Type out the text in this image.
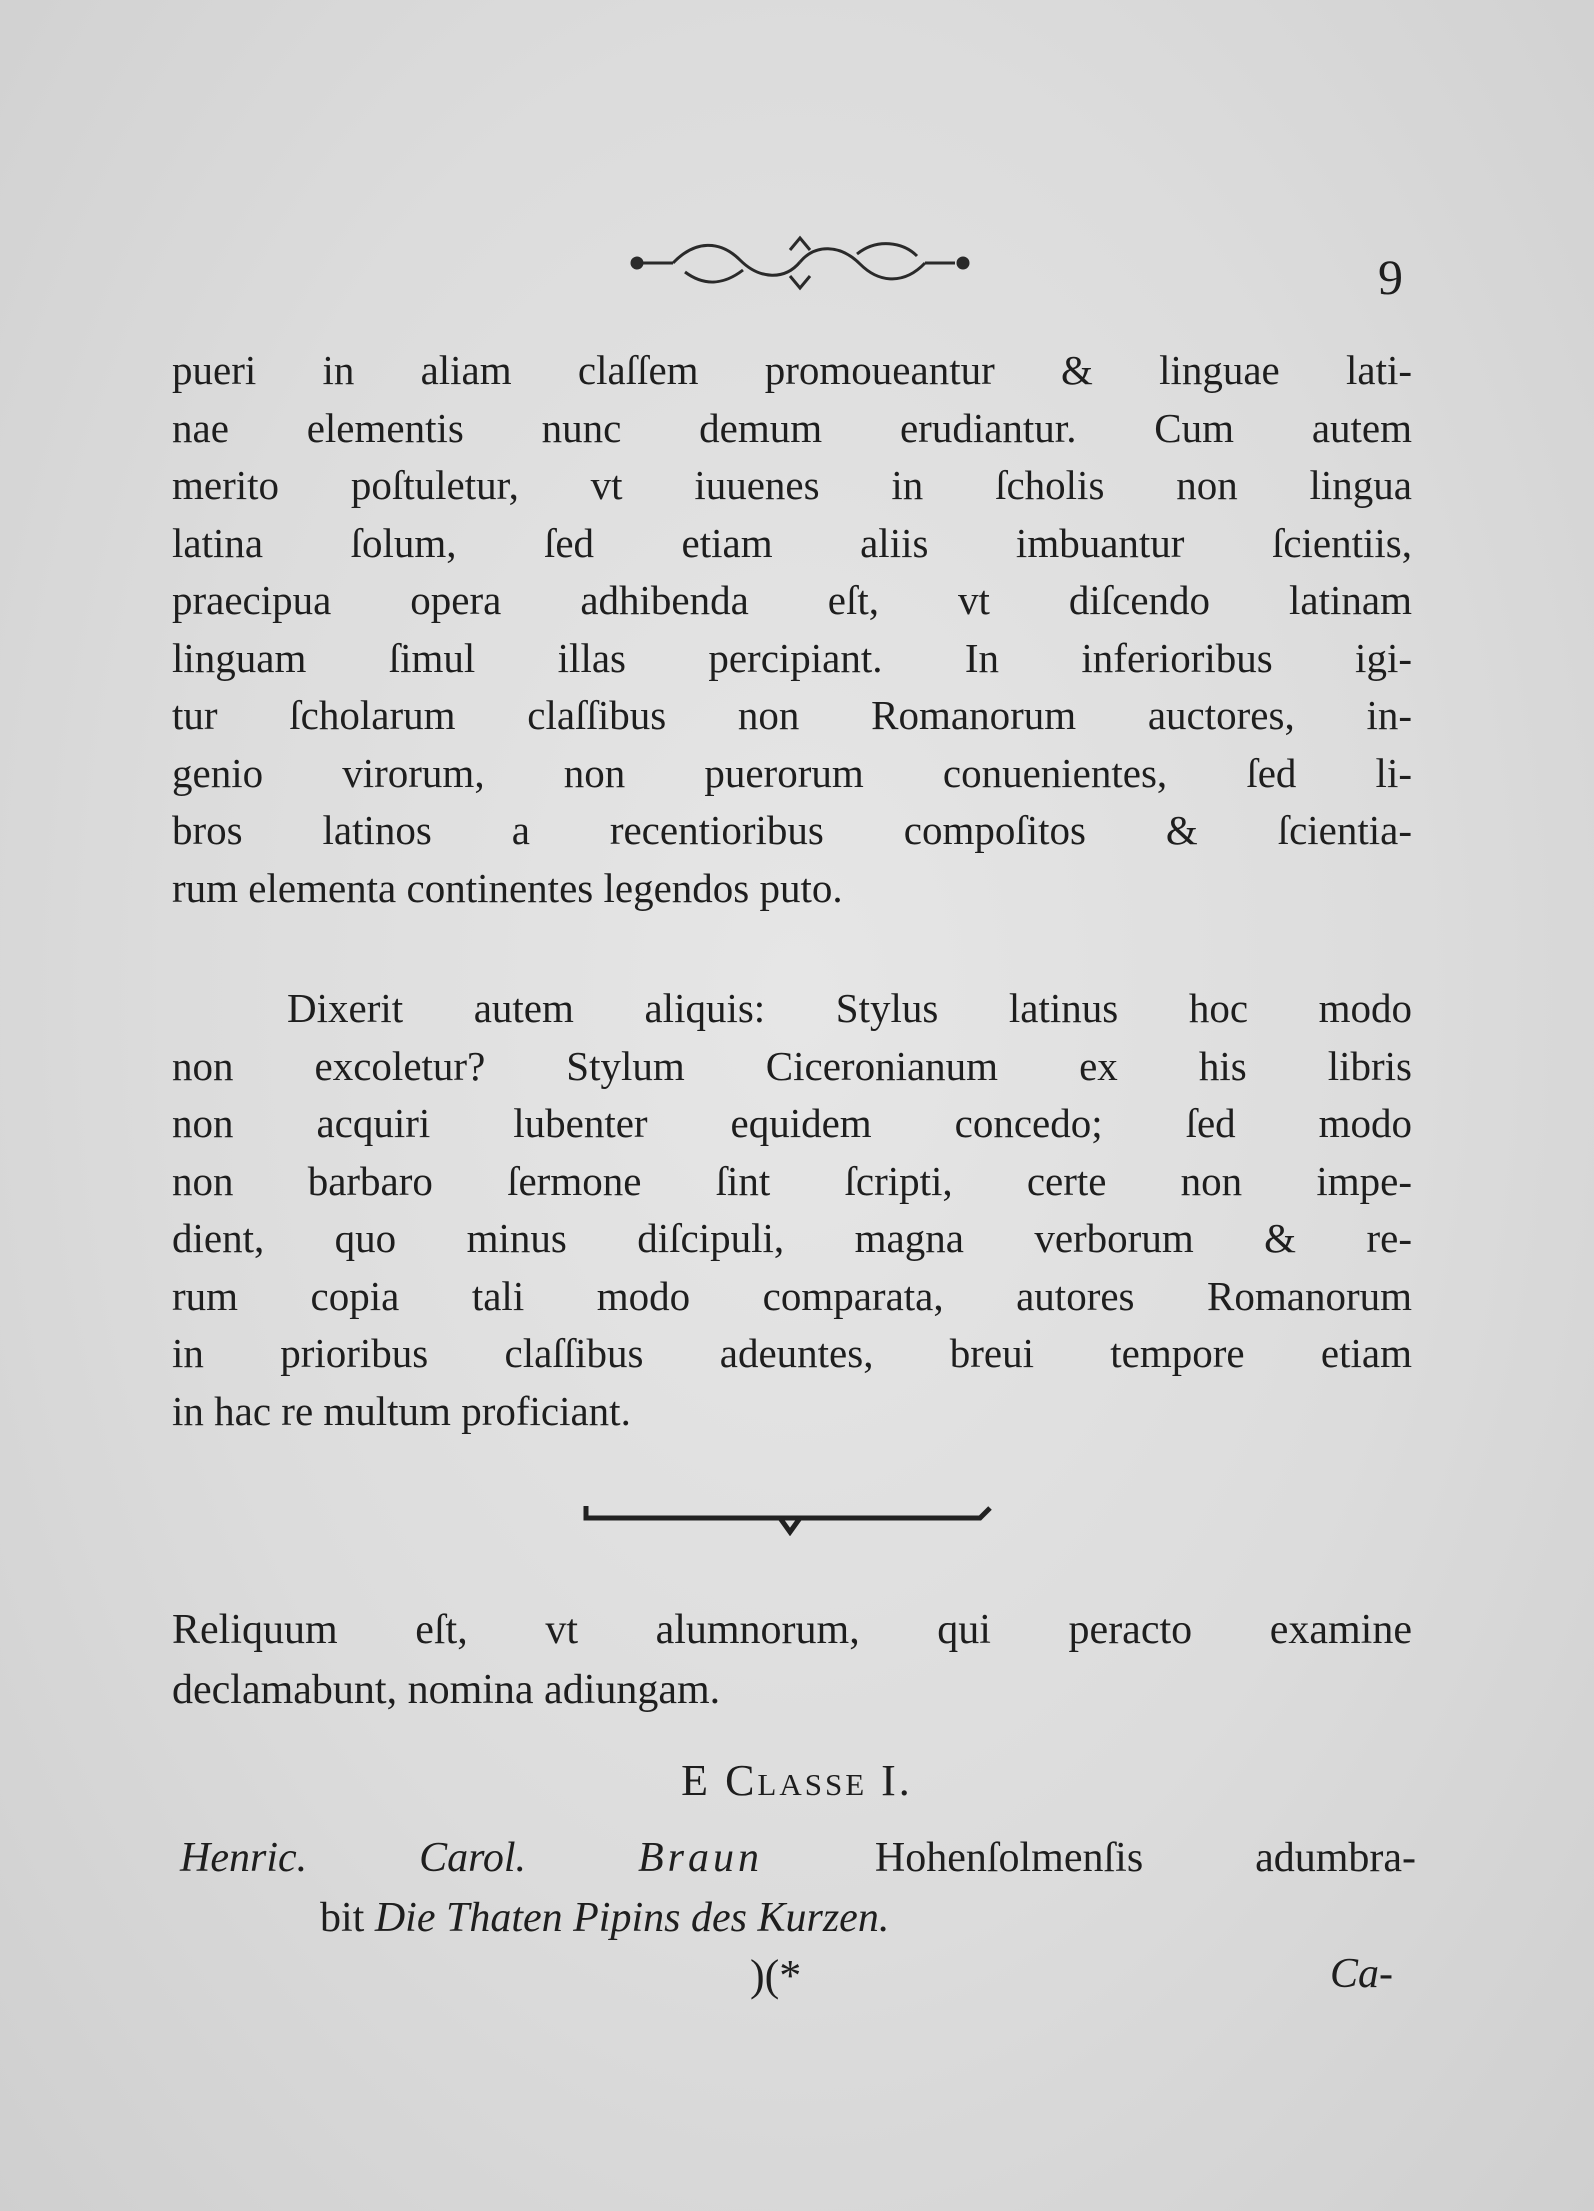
9

pueri in aliam claſſem promoueantur & linguae lati-
nae elementis nunc demum erudiantur. Cum autem
merito poſtuletur, vt iuuenes in ſcholis non lingua
latina ſolum, ſed etiam aliis imbuantur ſcientiis,
praecipua opera adhibenda eſt, vt diſcendo latinam
linguam ſimul illas percipiant. In inferioribus igi-
tur ſcholarum claſſibus non Romanorum auctores, in-
genio virorum, non puerorum conuenientes, ſed li-
bros latinos a recentioribus compoſitos & ſcientia-
rum elementa continentes legendos puto.

Dixerit autem aliquis: Stylus latinus hoc modo
non excoletur? Stylum Ciceronianum ex his libris
non acquiri lubenter equidem concedo; ſed modo
non barbaro ſermone ſint ſcripti, certe non impe-
dient, quo minus diſcipuli, magna verborum & re-
rum copia tali modo comparata, autores Romanorum
in prioribus claſſibus adeuntes, breui tempore etiam
in hac re multum proficiant.

Reliquum eſt, vt alumnorum, qui peracto examine
declamabunt, nomina adiungam.

E Classe I.

Henric.	Carol.	Braun	Hohenſolmenſis adumbra-
bit Die Thaten Pipins des Kurzen.

)(*	Ca-
